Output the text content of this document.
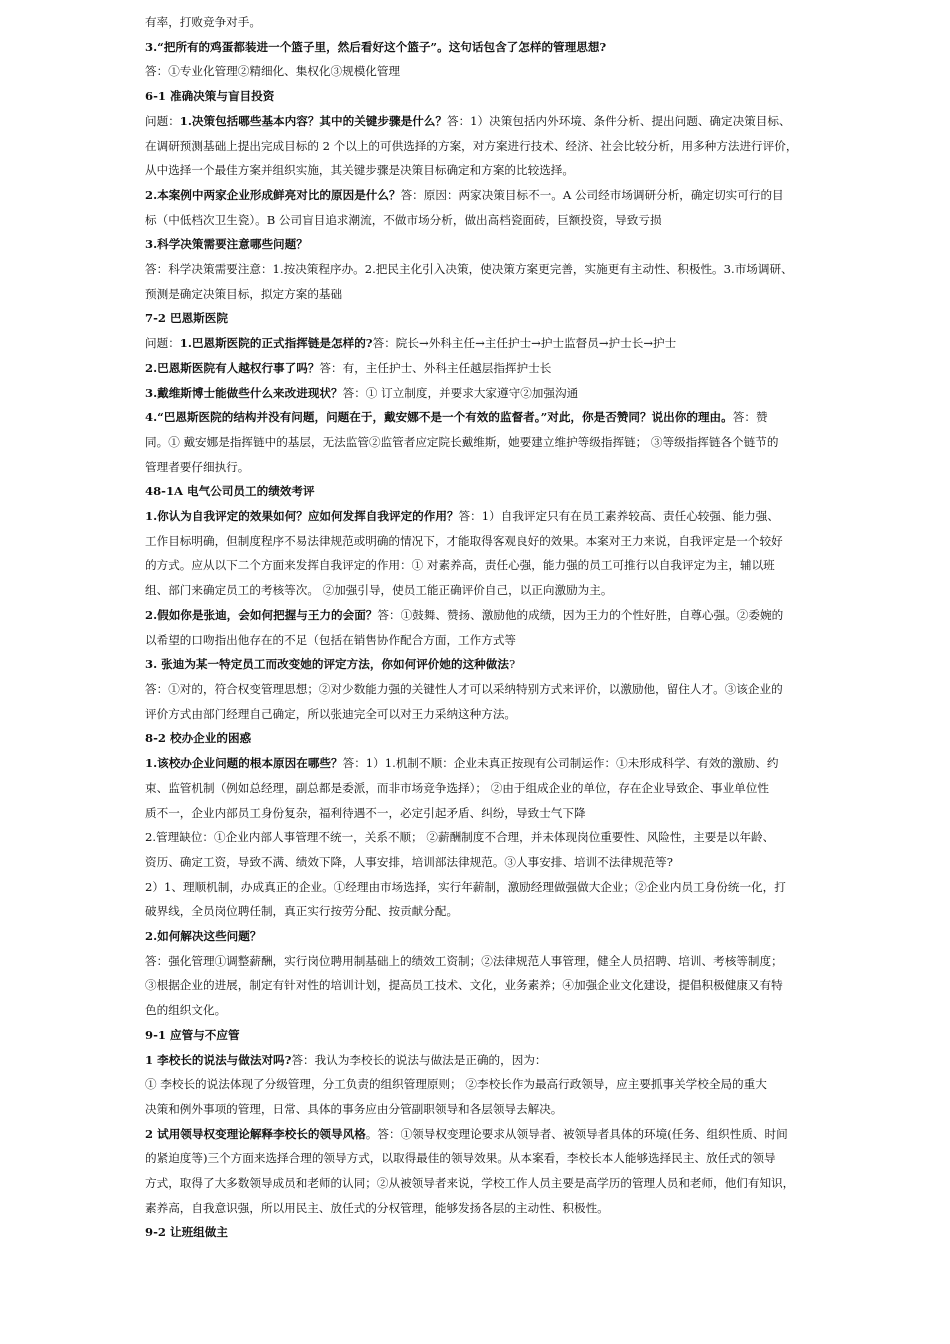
有率，打败竞争对手。
3.“把所有的鸡蛋都装进一个篮子里，然后看好这个篮子”。这句话包含了怎样的管理思想?
答：①专业化管理②精细化、集权化③规模化管理
6-1 准确决策与盲目投资
问题：1.决策包括哪些基本内容？其中的关键步骤是什么？答：1）决策包括内外环境、条件分析、提出问题、确定决策目标、
在调研预测基础上提出完成目标的 2 个以上的可供选择的方案，对方案进行技术、经济、社会比较分析，用多种方法进行评价，
从中选择一个最佳方案并组织实施，其关键步骤是决策目标确定和方案的比较选择。
2.本案例中两家企业形成鲜亮对比的原因是什么？答：原因：两家决策目标不一。A 公司经市场调研分析，确定切实可行的目
标（中低档次卫生瓷）。B 公司盲目追求潮流，不做市场分析，做出高档瓷面砖，巨额投资，导致亏损
3.科学决策需要注意哪些问题？
答：科学决策需要注意：1.按决策程序办。2.把民主化引入决策，使决策方案更完善，实施更有主动性、积极性。3.市场调研、
预测是确定决策目标，拟定方案的基础
7-2 巴恩斯医院
问题：1.巴恩斯医院的正式指挥链是怎样的?答：院长→外科主任→主任护士→护士监督员→护士长→护士
2.巴恩斯医院有人越权行事了吗？答：有，主任护士、外科主任越层指挥护士长
3.戴维斯博士能做些什么来改进现状？答：① 订立制度，并要求大家遵守②加强沟通
4.“巴恩斯医院的结构并没有问题，问题在于，戴安娜不是一个有效的监督者。”对此，你是否赞同？说出你的理由。答：赞
同。① 戴安娜是指挥链中的基层，无法监管②监管者应定院长戴维斯，她要建立维护等级指挥链； ③等级指挥链各个链节的
管理者要仔细执行。
48-1A 电气公司员工的绩效考评
1.你认为自我评定的效果如何？应如何发挥自我评定的作用？答：1）自我评定只有在员工素养较高、责任心较强、能力强、
工作目标明确，但制度程序不易法律规范或明确的情况下，才能取得客观良好的效果。本案对王力来说，自我评定是一个较好
的方式。应从以下二个方面来发挥自我评定的作用：① 对素养高，责任心强，能力强的员工可推行以自我评定为主，辅以班
组、部门来确定员工的考核等次。 ②加强引导，使员工能正确评价自己，以正向激励为主。
2.假如你是张迪，会如何把握与王力的会面？答：①鼓舞、赞扬、激励他的成绩，因为王力的个性好胜，自尊心强。②委婉的
以希望的口吻指出他存在的不足（包括在销售协作配合方面，工作方式等
3. 张迪为某一特定员工而改变她的评定方法，你如何评价她的这种做法?
答：①对的，符合权变管理思想；②对少数能力强的关键性人才可以采纳特别方式来评价，以激励他，留住人才。③该企业的
评价方式由部门经理自己确定，所以张迪完全可以对王力采纳这种方法。
8-2 校办企业的困惑
1.该校办企业问题的根本原因在哪些？答：1）1.机制不顺：企业未真正按现有公司制运作：①未形成科学、有效的激励、约
束、监管机制（例如总经理，副总都是委派，而非市场竞争选择）； ②由于组成企业的单位，存在企业导致企、事业单位性
质不一，企业内部员工身份复杂，福利待遇不一，必定引起矛盾、纠纷，导致士气下降
2.管理缺位：①企业内部人事管理不统一，关系不顺； ②薪酬制度不合理，并未体现岗位重要性、风险性，主要是以年龄、
资历、确定工资，导致不满、绩效下降，人事安排，培训部法律规范。③人事安排、培训不法律规范等?
2）1、理顺机制，办成真正的企业。①经理由市场选择，实行年薪制，激励经理做强做大企业；②企业内员工身份统一化，打
破界线，全员岗位聘任制，真正实行按劳分配、按贡献分配。
2.如何解决这些问题？
答：强化管理①调整薪酬，实行岗位聘用制基础上的绩效工资制；②法律规范人事管理，健全人员招聘、培训、考核等制度；
③根据企业的进展，制定有针对性的培训计划，提高员工技术、文化，业务素养；④加强企业文化建设，提倡积极健康又有特
色的组织文化。
9-1 应管与不应管
1 李校长的说法与做法对吗?答：我认为李校长的说法与做法是正确的，因为：
① 李校长的说法体现了分级管理，分工负责的组织管理原则； ②李校长作为最高行政领导，应主要抓事关学校全局的重大
决策和例外事项的管理，日常、具体的事务应由分管副职领导和各层领导去解决。
2 试用领导权变理论解释李校长的领导风格。答：①领导权变理论要求从领导者、被领导者具体的环境(任务、组织性质、时间
的紧迫度等)三个方面来选择合理的领导方式，以取得最佳的领导效果。从本案看，李校长本人能够选择民主、放任式的领导
方式，取得了大多数领导成员和老师的认同；②从被领导者来说，学校工作人员主要是高学历的管理人员和老师，他们有知识，
素养高，自我意识强，所以用民主、放任式的分权管理，能够发扬各层的主动性、积极性。
9-2 让班组做主
